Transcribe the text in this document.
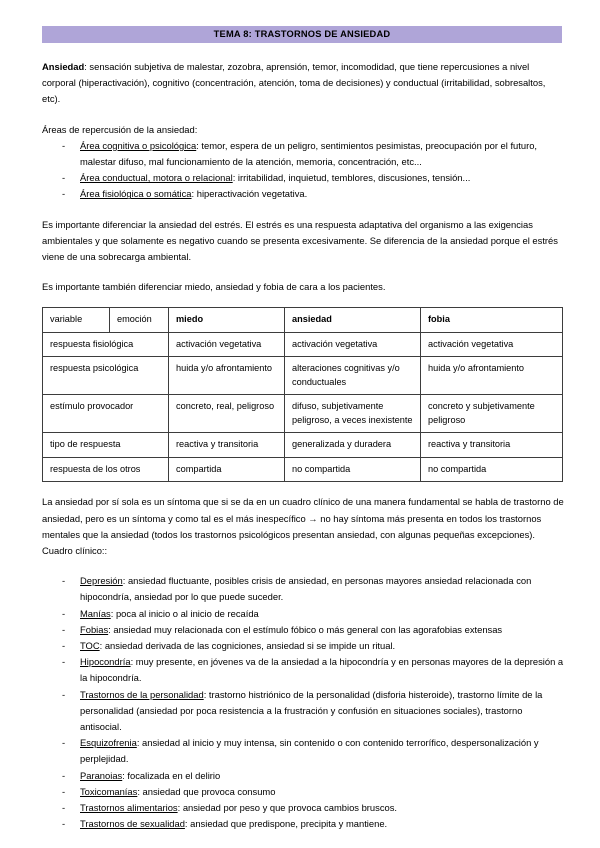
TEMA 8: TRASTORNOS DE ANSIEDAD

Ansiedad: sensación subjetiva de malestar, zozobra, aprensión, temor, incomodidad, que tiene repercusiones a nivel corporal (hiperactivación), cognitivo (concentración, atención, toma de decisiones) y conductual (irritabilidad, sobresaltos, etc).

Áreas de repercusión de la ansiedad:

- Área cognitiva o psicológica: temor, espera de un peligro, sentimientos pesimistas, preocupación por el futuro, malestar difuso, mal funcionamiento de la atención, memoria, concentración, etc...
- Área conductual, motora o relacional: irritabilidad, inquietud, temblores, discusiones, tensión...
- Área fisiológica o somática: hiperactivación vegetativa.

Es importante diferenciar la ansiedad del estrés. El estrés es una respuesta adaptativa del organismo a las exigencias ambientales y que solamente es negativo cuando se presenta excesivamente. Se diferencia de la ansiedad porque el estrés viene de una sobrecarga ambiental.

Es importante también diferenciar miedo, ansiedad y fobia de cara a los pacientes.

variable	emoción	miedo	ansiedad	fobia
respuesta fisiológica		activación vegetativa	activación vegetativa	activación vegetativa
respuesta psicológica		huida y/o afrontamiento	alteraciones cognitivas y/o conductuales	huida y/o afrontamiento
estímulo provocador		concreto, real, peligroso	difuso, subjetivamente peligroso, a veces inexistente	concreto y subjetivamente peligroso
tipo de respuesta		reactiva y transitoria	generalizada y duradera	reactiva y transitoria
respuesta de los otros		compartida	no compartida	no compartida

La ansiedad por sí sola es un síntoma que si se da en un cuadro clínico de una manera fundamental se habla de trastorno de ansiedad, pero es un síntoma y como tal es el más inespecífico → no hay síntoma más presenta en todos los trastornos mentales que la ansiedad (todos los trastornos psicológicos presentan ansiedad, con algunas pequeñas excepciones). Cuadro clínico::

- Depresión: ansiedad fluctuante, posibles crisis de ansiedad, en personas mayores ansiedad relacionada con hipocondría, ansiedad por lo que puede suceder.
- Manías: poca al inicio o al inicio de recaída
- Fobias: ansiedad muy relacionada con el estímulo fóbico o más general con las agorafobias extensas
- TOC: ansiedad derivada de las cogniciones, ansiedad si se impide un ritual.
- Hipocondría: muy presente, en jóvenes va de la ansiedad a la hipocondría y en personas mayores de la depresión a la hipocondría.
- Trastornos de la personalidad: trastorno histriónico de la personalidad (disforia histeroide), trastorno límite de la personalidad (ansiedad por poca resistencia a la frustración y confusión en situaciones sociales), trastorno antisocial.
- Esquizofrenia: ansiedad al inicio y muy intensa, sin contenido o con contenido terrorífico, despersonalización y perplejidad.
- Paranoias: focalizada en el delirio
- Toxicomanías: ansiedad que provoca consumo
- Trastornos alimentarios: ansiedad por peso y que provoca cambios bruscos.
- Trastornos de sexualidad: ansiedad que predispone, precipita y mantiene.
